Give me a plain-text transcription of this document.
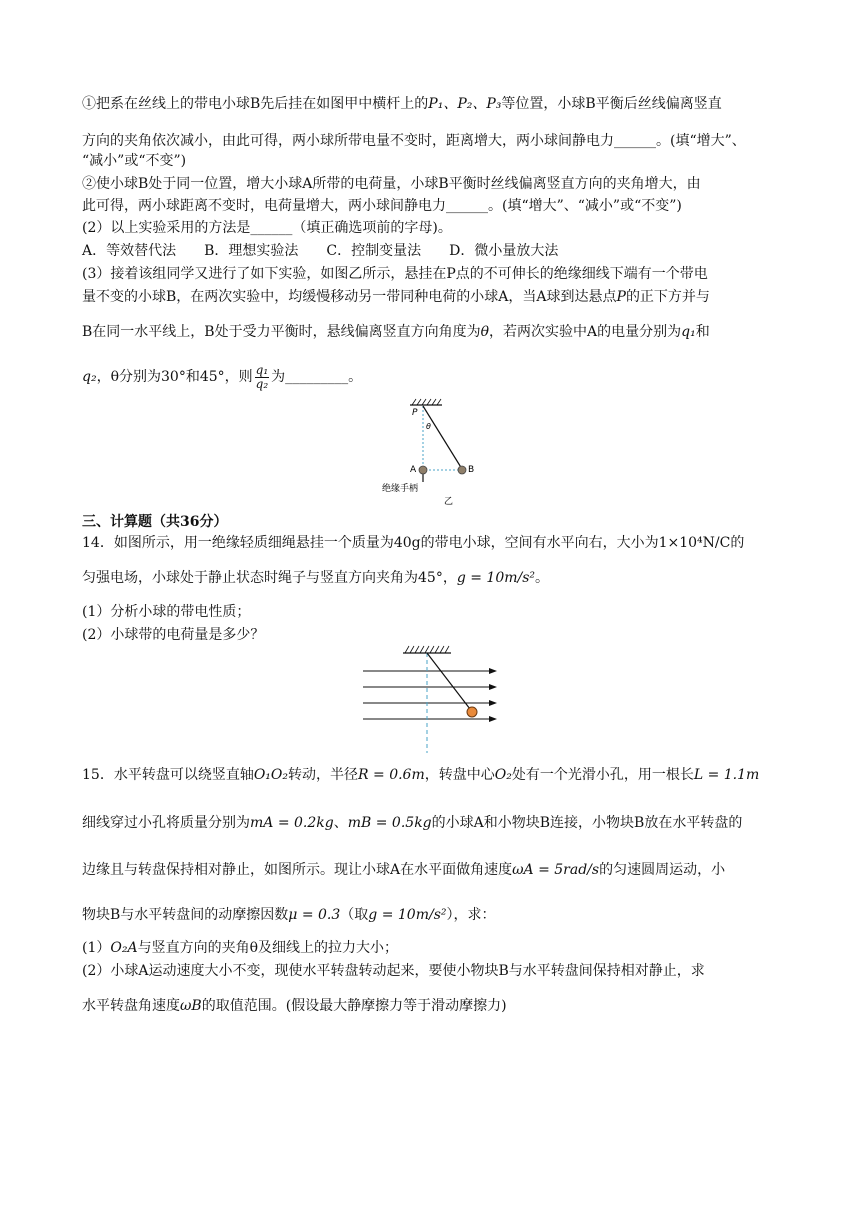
①把系在丝线上的带电小球B先后挂在如图甲中横杆上的P₁、P₂、P₃等位置，小球B平衡后丝线偏离竖直
方向的夹角依次减小，由此可得，两小球所带电量不变时，距离增大，两小球间静电力______。(填“增大”、
“减小”或“不变”)
②使小球B处于同一位置，增大小球A所带的电荷量，小球B平衡时丝线偏离竖直方向的夹角增大，由
此可得，两小球距离不变时，电荷量增大，两小球间静电力______。(填“增大”、“减小”或“不变”)
(2）以上实验采用的方法是______（填正确选项前的字母)。
A．等效替代法　　B．理想实验法　　C．控制变量法　　D．微小量放大法
(3）接着该组同学又进行了如下实验，如图乙所示，悬挂在P点的不可伸长的绝缘细线下端有一个带电
量不变的小球B，在两次实验中，均缓慢移动另一带同种电荷的小球A，当A球到达悬点P的正下方并与
B在同一水平线上，B处于受力平衡时，悬线偏离竖直方向角度为θ，若两次实验中A的电量分别为q₁和
q₂，θ分别为30°和45°，则 $\frac{\text{q₁}}{\text{q₂}}$ 为_________。
P
θ
A	B
绝缘手柄
乙
三、计算题（共36分）
14．如图所示，用一绝缘轻质细绳悬挂一个质量为40g的带电小球，空间有水平向右，大小为1×10⁴N/C的
匀强电场，小球处于静止状态时绳子与竖直方向夹角为45°，g = 10m/s²。
(1）分析小球的带电性质；
(2）小球带的电荷量是多少？
15．水平转盘可以绕竖直轴O₁O₂转动，半径R = 0.6m，转盘中心O₂处有一个光滑小孔，用一根长L = 1.1m
细线穿过小孔将质量分别为mA = 0.2kg、mB = 0.5kg的小球A和小物块B连接，小物块B放在水平转盘的
边缘且与转盘保持相对静止，如图所示。现让小球A在水平面做角速度ωA = 5rad/s的匀速圆周运动，小
物块B与水平转盘间的动摩擦因数μ = 0.3（取g = 10m/s²），求：
(1）O₂A与竖直方向的夹角θ及细线上的拉力大小；
(2）小球A运动速度大小不变，现使水平转盘转动起来，要使小物块B与水平转盘间保持相对静止，求
水平转盘角速度ωB的取值范围。(假设最大静摩擦力等于滑动摩擦力)
